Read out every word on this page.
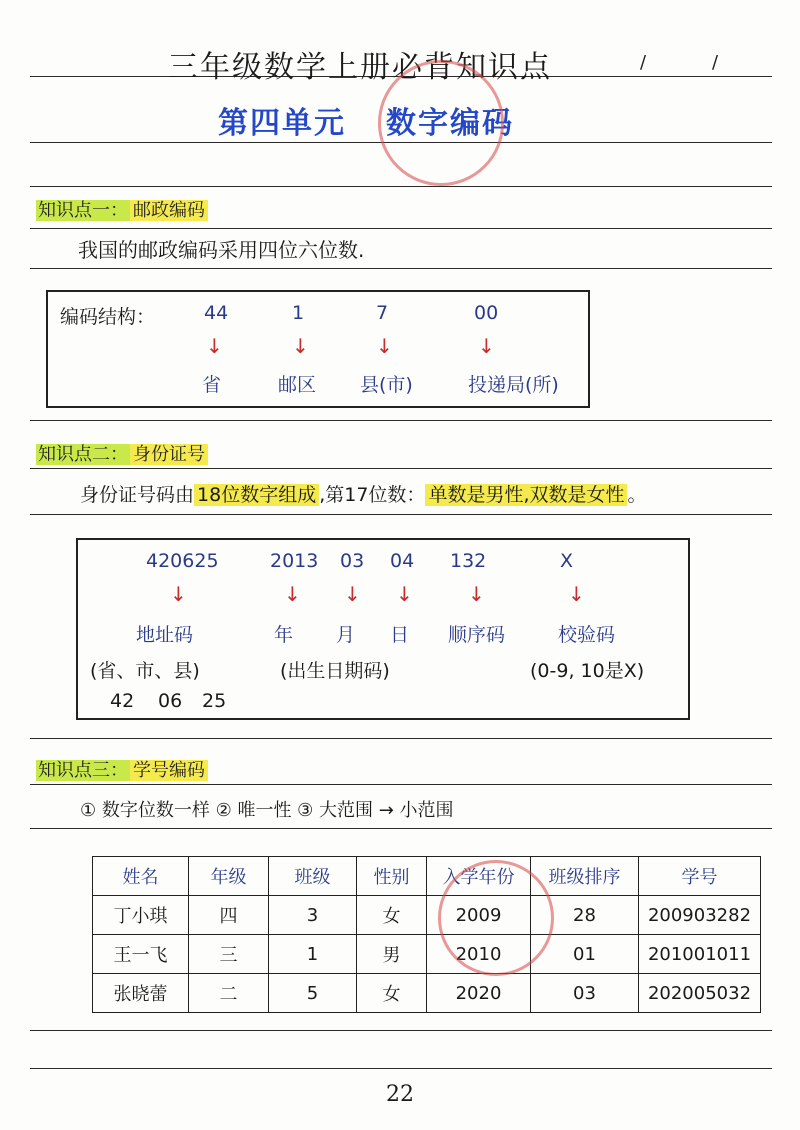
三年级数学上册必背知识点	/	/
第四单元 数字编码
知识点一： 邮政编码
我国的邮政编码采用四位六位数.
编码结构：	44	1	7	00
↓	↓	↓	↓
省	邮区 县(市)	投递局(所)
知识点二： 身份证号
身份证号码由 18位数字组成 ,第17位数： 单数是男性,双数是女性 。
420625	2013 03 04 132	X
↓	↓ ↓ ↓	↓	↓
地址码	年 月 日 顺序码	校验码
(省、市、县)	(出生日期码)	(0-9, 10是X)
42 06 25
知识点三： 学号编码
① 数字位数一样 ② 唯一性 ③ 大范围 → 小范围
姓名	年级	班级	性别	入学年份	班级排序	学号
丁小琪	四	3	女	2009	28	200903282
王一飞	三	1	男	2010	01	201001011
张晓蕾	二	5	女	2020	03	202005032
22
